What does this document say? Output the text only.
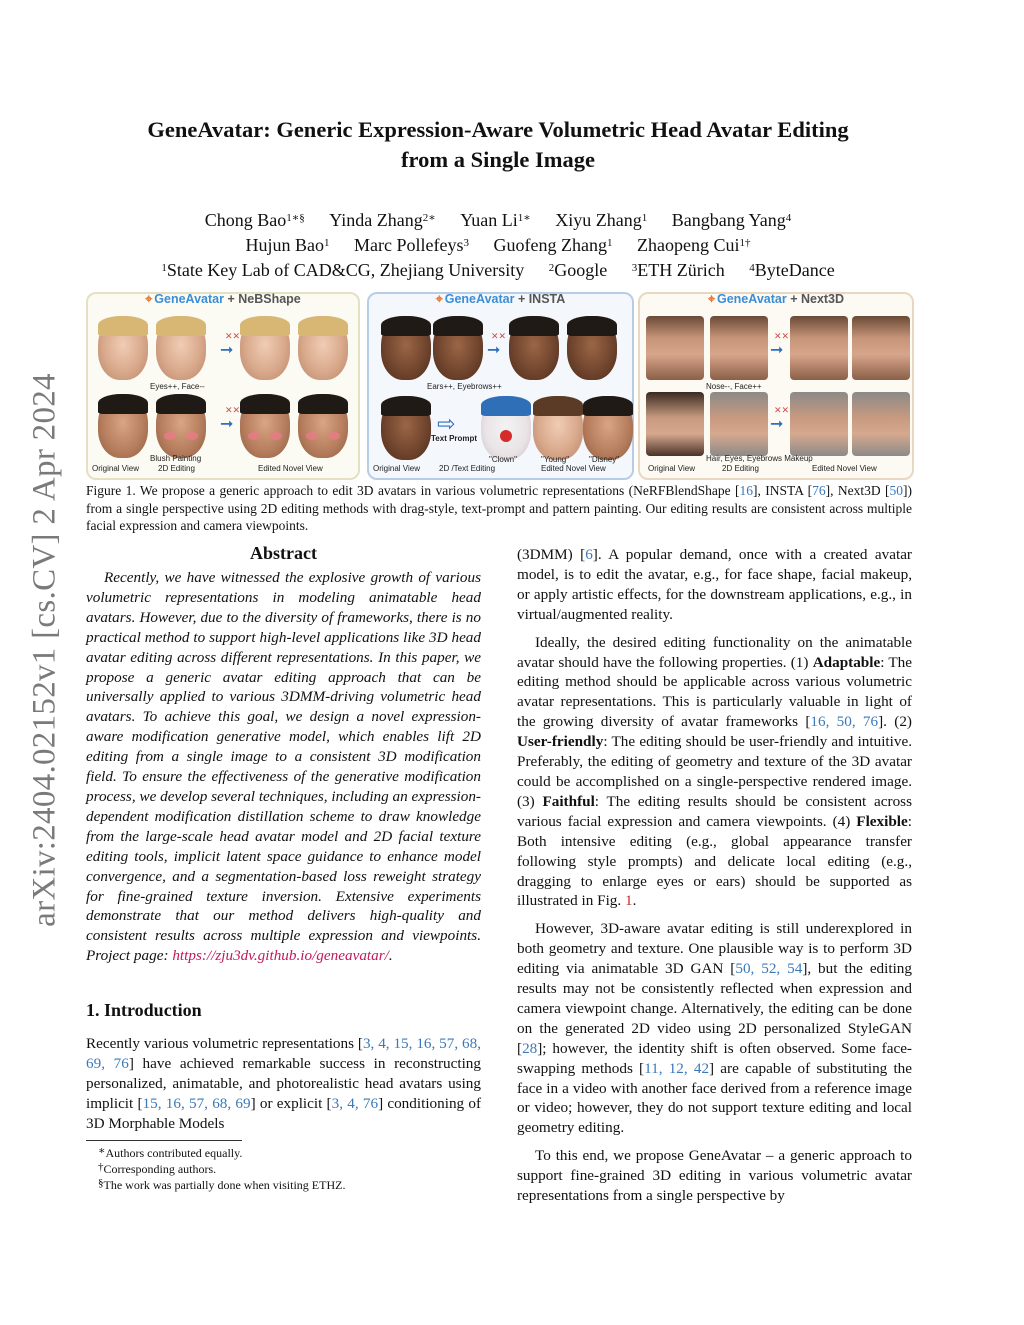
arXiv:2404.02152v1 [cs.CV] 2 Apr 2024
GeneAvatar: Generic Expression-Aware Volumetric Head Avatar Editing
from a Single Image
Chong Bao$^{1∗\S}$ Yinda Zhang$^{2∗}$ Yuan $Li^{1∗}$ Xiyu Zhang$^1$ Bangbang Yang$^4$
Hujun Bao$^1$ Marc Pollefeys$^3$ Guofeng Zhang$^1$ Zhaopeng Cui$^{1\dagger}$
$^1$State Key Lab of CAD&CG, Zhejiang University $^2$Google $^3$ETH Zürich $^4$ByteDance
⌖ GeneAvatar + NeBShape
✕✕
➞
Eyes++, Face--
✕✕
➞
Blush Painting
Original View 2D Editing	Edited Novel View
⌖ GeneAvatar + INSTA
✕✕
➞
Ears++, Eyebrows++
⇨
Text Prompt
"Clown"	"Young" "Disney"
Original View 2D /Text Editing	Edited Novel View
⌖ GeneAvatar + Next3D
✕✕
➞
Nose--, Face++
✕✕
➞
Hair, Eyes, Eyebrows Makeup
Original View	2D Editing	Edited Novel View
Figure 1. We propose a generic approach to edit 3D avatars in various volumetric representations (NeRFBlendShape [16], INSTA [76], Next3D [50]) from a single perspective using 2D editing methods with drag-style, text-prompt and pattern painting. Our editing results are consistent across multiple facial expression and camera viewpoints.
Abstract
Recently, we have witnessed the explosive growth of various volumetric representations in modeling animatable head avatars. However, due to the diversity of frameworks, there is no practical method to support high-level applications like 3D head avatar editing across different representations. In this paper, we propose a generic avatar editing approach that can be universally applied to various 3DMM-driving volumetric head avatars. To achieve this goal, we design a novel expression-aware modification generative model, which enables lift 2D editing from a single image to a consistent 3D modification field. To ensure the effectiveness of the generative modification process, we develop several techniques, including an expression-dependent modification distillation scheme to draw knowledge from the large-scale head avatar model and 2D facial texture editing tools, implicit latent space guidance to enhance model convergence, and a segmentation-based loss reweight strategy for fine-grained texture inversion. Extensive experiments demonstrate that our method delivers high-quality and consistent results across multiple expression and viewpoints. Project page: https://zju3dv.github.io/geneavatar/.
1. Introduction
Recently various volumetric representations [3, 4, 15, 16, 57, 68, 69, 76] have achieved remarkable success in reconstructing personalized, animatable, and photorealistic head avatars using implicit [15, 16, 57, 68, 69] or explicit [3, 4, 76] conditioning of 3D Morphable Models
∗Authors contributed equally.
†Corresponding authors.
§The work was partially done when visiting ETHZ.

(3DMM) [6]. A popular demand, once with a created avatar model, is to edit the avatar, e.g., for face shape, facial makeup, or apply artistic effects, for the downstream applications, e.g., in virtual/augmented reality.

Ideally, the desired editing functionality on the animatable avatar should have the following properties. (1) Adaptable: The editing method should be applicable across various volumetric avatar representations. This is particularly valuable in light of the growing diversity of avatar frameworks [16, 50, 76]. (2) User-friendly: The editing should be user-friendly and intuitive. Preferably, the editing of geometry and texture of the 3D avatar could be accomplished on a single-perspective rendered image. (3) Faithful: The editing results should be consistent across various facial expression and camera viewpoints. (4) Flexible: Both intensive editing (e.g., global appearance transfer following style prompts) and delicate local editing (e.g., dragging to enlarge eyes or ears) should be supported as illustrated in Fig. 1.

However, 3D-aware avatar editing is still underexplored in both geometry and texture. One plausible way is to perform 3D editing via animatable 3D GAN [50, 52, 54], but the editing results may not be consistently reflected when expression and camera viewpoint change. Alternatively, the editing can be done on the generated 2D video using 2D personalized StyleGAN [28]; however, the identity shift is often observed. Some face-swapping methods [11, 12, 42] are capable of substituting the face in a video with another face derived from a reference image or video; however, they do not support texture editing and local geometry editing.

To this end, we propose GeneAvatar – a generic approach to support fine-grained 3D editing in various volumetric avatar representations from a single perspective by
